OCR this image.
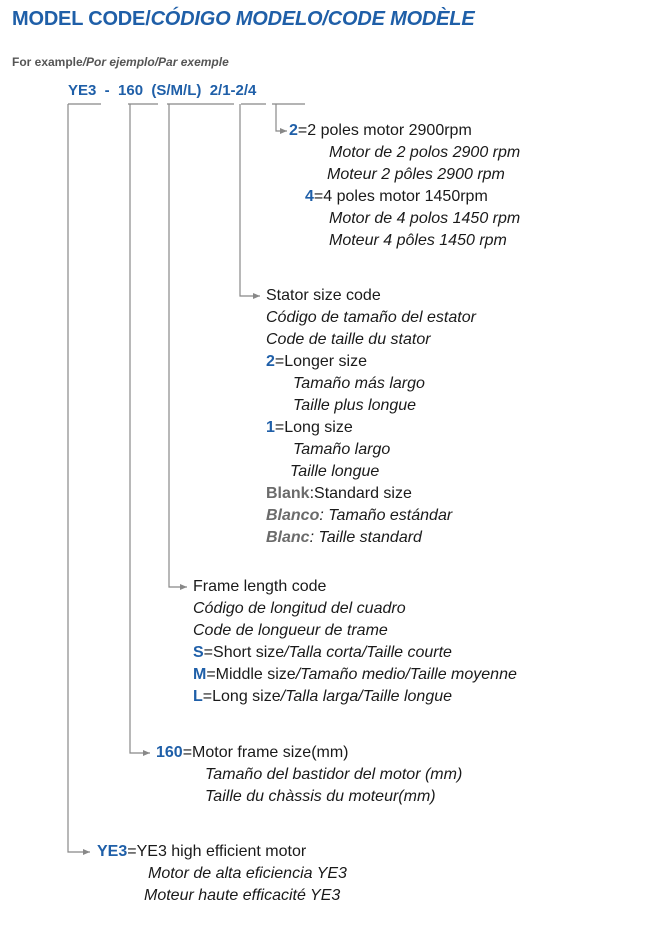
MODEL CODE/CÓDIGO MODELO/CODE MODÈLE
For example/Por ejemplo/Par exemple
YE3  -  160  (S/M/L)  2/1-2/4
2=2 poles motor 2900rpm
Motor de 2 polos 2900 rpm
Moteur 2 pôles 2900 rpm
4=4 poles motor 1450rpm
Motor de 4 polos 1450 rpm
Moteur 4 pôles 1450 rpm
Stator size code
Código de tamaño del estator
Code de taille du stator
2=Longer size
Tamaño más largo
Taille plus longue
1=Long size
Tamaño largo
Taille longue
Blank:Standard size
Blanco: Tamaño estándar
Blanc: Taille standard
Frame length code
Código de longitud del cuadro
Code de longueur de trame
S=Short size/Talla corta/Taille courte
M=Middle size/Tamaño medio/Taille moyenne
L=Long size/Talla larga/Taille longue
160=Motor frame size(mm)
Tamaño del bastidor del motor (mm)
Taille du chàssis du moteur(mm)
YE3=YE3 high efficient motor
Motor de alta eficiencia YE3
Moteur haute efficacité YE3
